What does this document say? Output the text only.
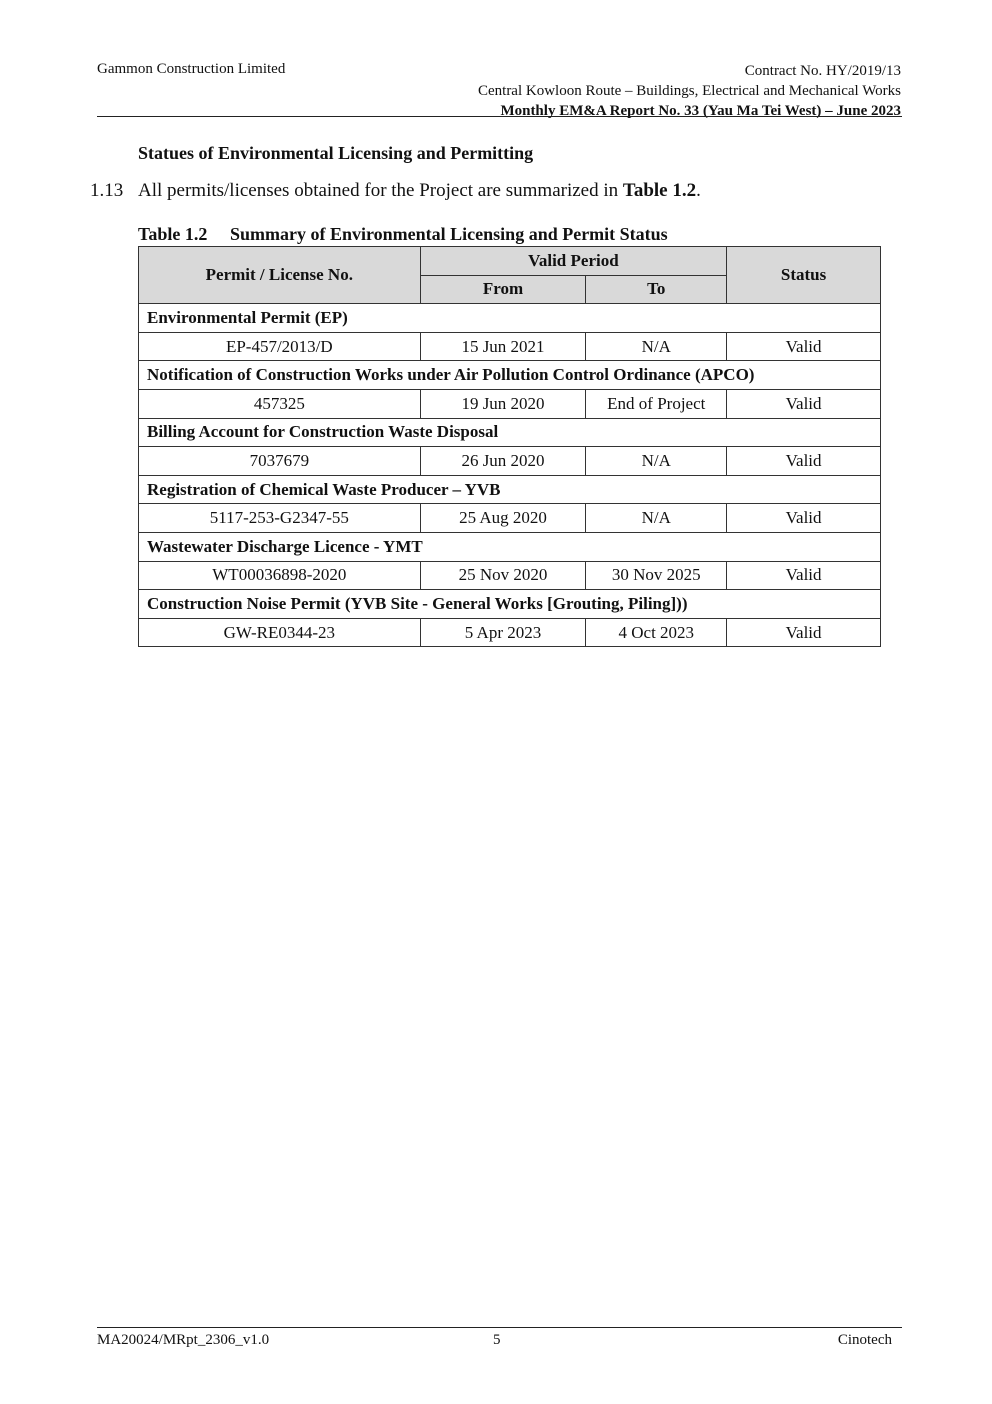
Gammon Construction Limited	Contract No. HY/2019/13
Central Kowloon Route – Buildings, Electrical and Mechanical Works
Monthly EM&A Report No. 33 (Yau Ma Tei West) – June 2023
Statues of Environmental Licensing and Permitting
1.13 All permits/licenses obtained for the Project are summarized in Table 1.2.
Table 1.2 Summary of Environmental Licensing and Permit Status
Permit / License No.	Valid Period		Status
	From	To	
Environmental Permit (EP)			
EP-457/2013/D	15 Jun 2021	N/A	Valid
Notification of Construction Works under Air Pollution Control Ordinance (APCO)			
457325	19 Jun 2020	End of Project	Valid
Billing Account for Construction Waste Disposal			
7037679	26 Jun 2020	N/A	Valid
Registration of Chemical Waste Producer – YVB			
5117-253-G2347-55	25 Aug 2020	N/A	Valid
Wastewater Discharge Licence - YMT			
WT00036898-2020	25 Nov 2020	30 Nov 2025	Valid
Construction Noise Permit (YVB Site - General Works [Grouting, Piling]))			
GW-RE0344-23	5 Apr 2023	4 Oct 2023	Valid
MA20024/MRpt_2306_v1.0	5	Cinotech
